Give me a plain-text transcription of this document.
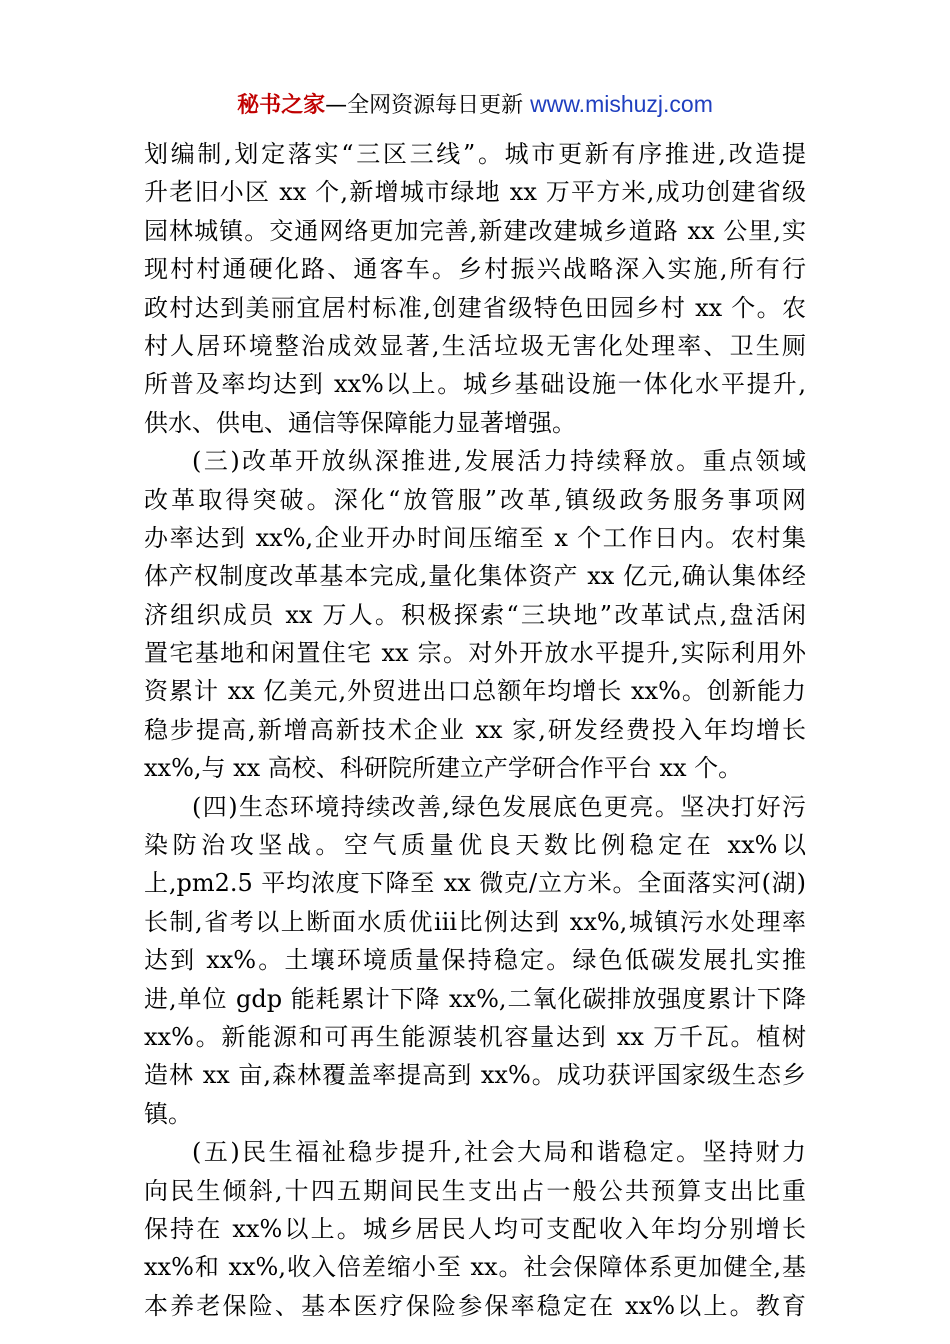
秘书之家—全网资源每日更新 www.mishuzj.com
划编制,划定落实“三区三线”。城市更新有序推进,改造提
升老旧小区 xx 个,新增城市绿地 xx 万平方米,成功创建省级
园林城镇。交通网络更加完善,新建改建城乡道路 xx 公里,实
现村村通硬化路、通客车。乡村振兴战略深入实施,所有行
政村达到美丽宜居村标准,创建省级特色田园乡村 xx 个。农
村人居环境整治成效显著,生活垃圾无害化处理率、卫生厕
所普及率均达到 xx%以上。城乡基础设施一体化水平提升,
供水、供电、通信等保障能力显著增强。
(三)改革开放纵深推进,发展活力持续释放。重点领域
改革取得突破。深化“放管服”改革,镇级政务服务事项网
办率达到 xx%,企业开办时间压缩至 x 个工作日内。农村集
体产权制度改革基本完成,量化集体资产 xx 亿元,确认集体经
济组织成员 xx 万人。积极探索“三块地”改革试点,盘活闲
置宅基地和闲置住宅 xx 宗。对外开放水平提升,实际利用外
资累计 xx 亿美元,外贸进出口总额年均增长 xx%。创新能力
稳步提高,新增高新技术企业 xx 家,研发经费投入年均增长
xx%,与 xx 高校、科研院所建立产学研合作平台 xx 个。
(四)生态环境持续改善,绿色发展底色更亮。坚决打好污
染防治攻坚战。空气质量优良天数比例稳定在 xx%以
上,pm2.5 平均浓度下降至 xx 微克/立方米。全面落实河(湖)
长制,省考以上断面水质优ⅲ比例达到 xx%,城镇污水处理率
达到 xx%。土壤环境质量保持稳定。绿色低碳发展扎实推
进,单位 gdp 能耗累计下降 xx%,二氧化碳排放强度累计下降
xx%。新能源和可再生能源装机容量达到 xx 万千瓦。植树
造林 xx 亩,森林覆盖率提高到 xx%。成功获评国家级生态乡
镇。
(五)民生福祉稳步提升,社会大局和谐稳定。坚持财力
向民生倾斜,十四五期间民生支出占一般公共预算支出比重
保持在 xx%以上。城乡居民人均可支配收入年均分别增长
xx%和 xx%,收入倍差缩小至 xx。社会保障体系更加健全,基
本养老保险、基本医疗保险参保率稳定在 xx%以上。教育
